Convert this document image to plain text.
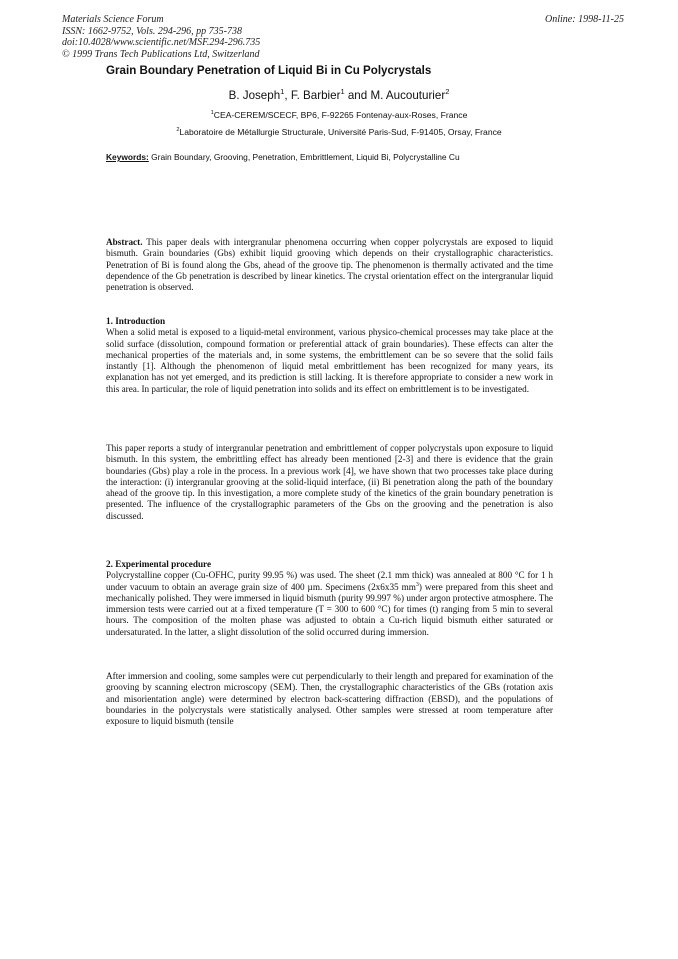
Materials Science Forum
ISSN: 1662-9752, Vols. 294-296, pp 735-738
doi:10.4028/www.scientific.net/MSF.294-296.735
© 1999 Trans Tech Publications Ltd, Switzerland
Online: 1998-11-25
Grain Boundary Penetration of Liquid Bi in Cu Polycrystals
B. Joseph$^1$, F. Barbier$^1$ and M. Aucouturier$^2$
$^1$CEA-CEREM/SCECF, BP6, F-92265 Fontenay-aux-Roses, France
$^2$Laboratoire de Métallurgie Structurale, Université Paris-Sud, F-91405, Orsay, France
Keywords: Grain Boundary, Grooving, Penetration, Embrittlement, Liquid Bi, Polycrystalline Cu

Abstract. This paper deals with intergranular phenomena occurring when copper polycrystals are exposed to liquid bismuth. Grain boundaries (Gbs) exhibit liquid grooving which depends on their crystallographic characteristics. Penetration of Bi is found along the Gbs, ahead of the groove tip. The phenomenon is thermally activated and the time dependence of the Gb penetration is described by linear kinetics. The crystal orientation effect on the intergranular liquid penetration is observed.

1. Introduction

When a solid metal is exposed to a liquid-metal environment, various physico-chemical processes may take place at the solid surface (dissolution, compound formation or preferential attack of grain boundaries). These effects can alter the mechanical properties of the materials and, in some systems, the embrittlement can be so severe that the solid fails instantly [1]. Although the phenomenon of liquid metal embrittlement has been recognized for many years, its explanation has not yet emerged, and its prediction is still lacking. It is therefore appropriate to consider a new work in this area. In particular, the role of liquid penetration into solids and its effect on embrittlement is to be investigated.

This paper reports a study of intergranular penetration and embrittlement of copper polycrystals upon exposure to liquid bismuth. In this system, the embrittling effect has already been mentioned [2-3] and there is evidence that the grain boundaries (Gbs) play a role in the process. In a previous work [4], we have shown that two processes take place during the interaction: (i) intergranular grooving at the solid-liquid interface, (ii) Bi penetration along the path of the boundary ahead of the groove tip. In this investigation, a more complete study of the kinetics of the grain boundary penetration is presented. The influence of the crystallographic parameters of the Gbs on the grooving and the penetration is also discussed.

2. Experimental procedure

Polycrystalline copper (Cu-OFHC, purity 99.95 %) was used. The sheet (2.1 mm thick) was annealed at 800 °C for 1 h under vacuum to obtain an average grain size of 400 µm. Specimens (2x6x35 $mm^3$) were prepared from this sheet and mechanically polished. They were immersed in liquid bismuth (purity 99.997 %) under argon protective atmosphere. The immersion tests were carried out at a fixed temperature (T = 300 to 600 °C) for times (t) ranging from 5 min to several hours. The composition of the molten phase was adjusted to obtain a Cu-rich liquid bismuth either saturated or undersaturated. In the latter, a slight dissolution of the solid occurred during immersion.

After immersion and cooling, some samples were cut perpendicularly to their length and prepared for examination of the grooving by scanning electron microscopy (SEM). Then, the crystallographic characteristics of the GBs (rotation axis and misorientation angle) were determined by electron back-scattering diffraction (EBSD), and the populations of boundaries in the polycrystals were statistically analysed. Other samples were stressed at room temperature after exposure to liquid bismuth (tensile
